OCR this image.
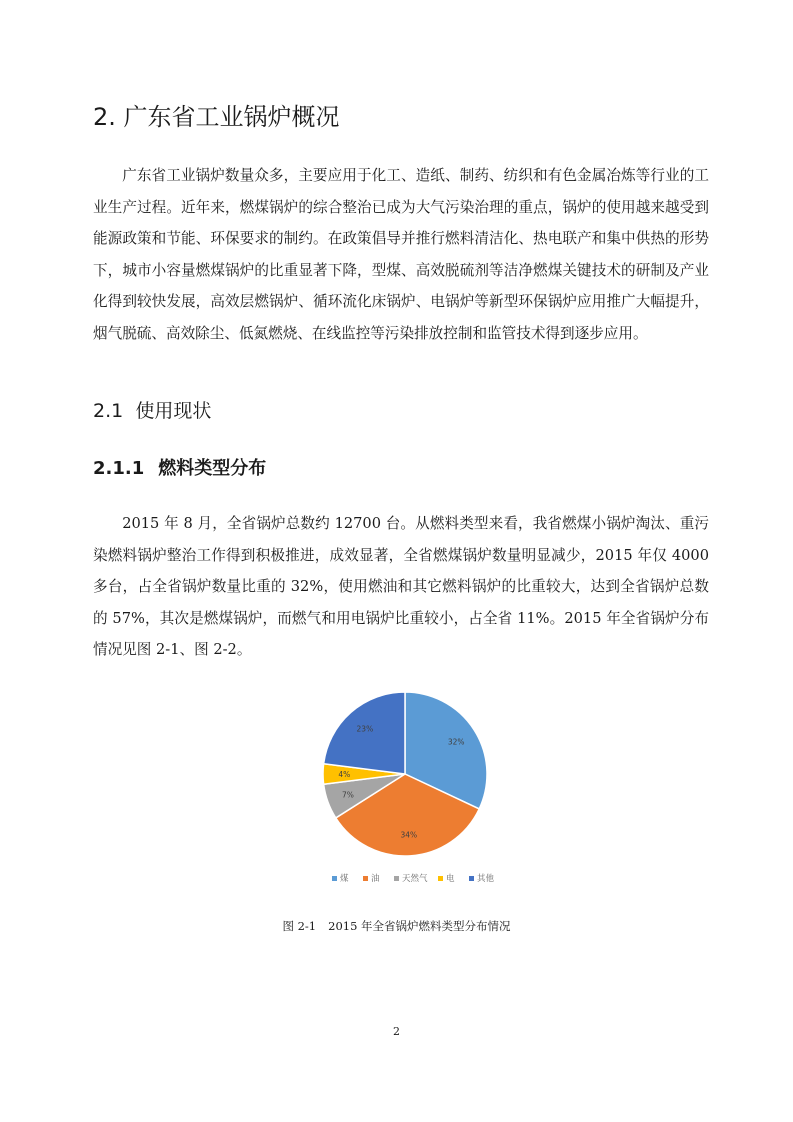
2. 广东省工业锅炉概况

广东省工业锅炉数量众多，主要应用于化工、造纸、制药、纺织和有色金属冶炼等行业的工业生产过程。近年来，燃煤锅炉的综合整治已成为大气污染治理的重点，锅炉的使用越来越受到能源政策和节能、环保要求的制约。在政策倡导并推行燃料清洁化、热电联产和集中供热的形势下，城市小容量燃煤锅炉的比重显著下降，型煤、高效脱硫剂等洁净燃煤关键技术的研制及产业化得到较快发展，高效层燃锅炉、循环流化床锅炉、电锅炉等新型环保锅炉应用推广大幅提升，烟气脱硫、高效除尘、低氮燃烧、在线监控等污染排放控制和监管技术得到逐步应用。

2.1 使用现状
2.1.1 燃料类型分布

2015 年 8 月，全省锅炉总数约 12700 台。从燃料类型来看，我省燃煤小锅炉淘汰、重污染燃料锅炉整治工作得到积极推进，成效显著，全省燃煤锅炉数量明显减少，2015 年仅 4000 多台，占全省锅炉数量比重的 32%，使用燃油和其它燃料锅炉的比重较大，达到全省锅炉总数的 57%，其次是燃煤锅炉，而燃气和用电锅炉比重较小，占全省 11%。2015 年全省锅炉分布情况见图 2-1、图 2-2。

32%
34%
7%
4%
23%
煤	油	天然气	电	其他
图 2-1 2015 年全省锅炉燃料类型分布情况
2
